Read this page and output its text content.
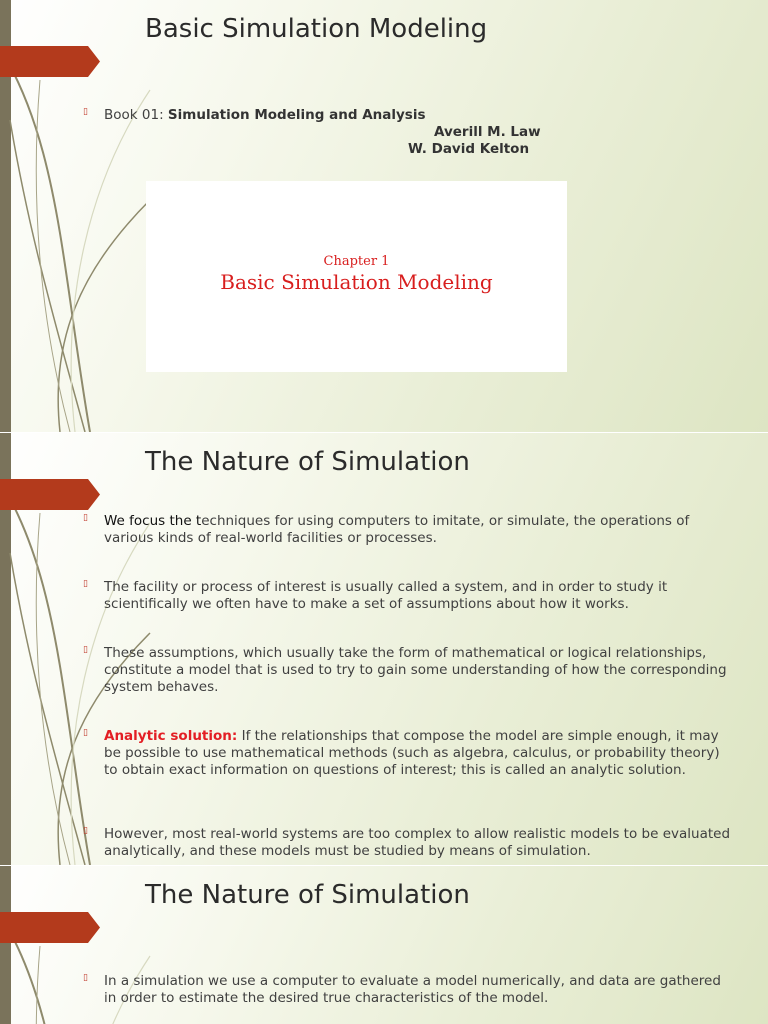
Basic Simulation Modeling

▯ Book 01: Simulation Modeling and Analysis

Averill M. Law
W. David Kelton
Chapter 1
Basic Simulation Modeling
The Nature of Simulation

▯ We focus the techniques for using computers to imitate, or simulate, the operations of various kinds of real-world facilities or processes.

▯ The facility or process of interest is usually called a system, and in order to study it scientifically we often have to make a set of assumptions about how it works.

▯ These assumptions, which usually take the form of mathematical or logical relationships, constitute a model that is used to try to gain some understanding of how the corresponding system behaves.

▯ Analytic solution: If the relationships that compose the model are simple enough, it may be possible to use mathematical methods (such as algebra, calculus, or probability theory) to obtain exact information on questions of interest; this is called an analytic solution.

▯ However, most real-world systems are too complex to allow realistic models to be evaluated analytically, and these models must be studied by means of simulation.

The Nature of Simulation

▯ In a simulation we use a computer to evaluate a model numerically, and data are gathered in order to estimate the desired true characteristics of the model.
